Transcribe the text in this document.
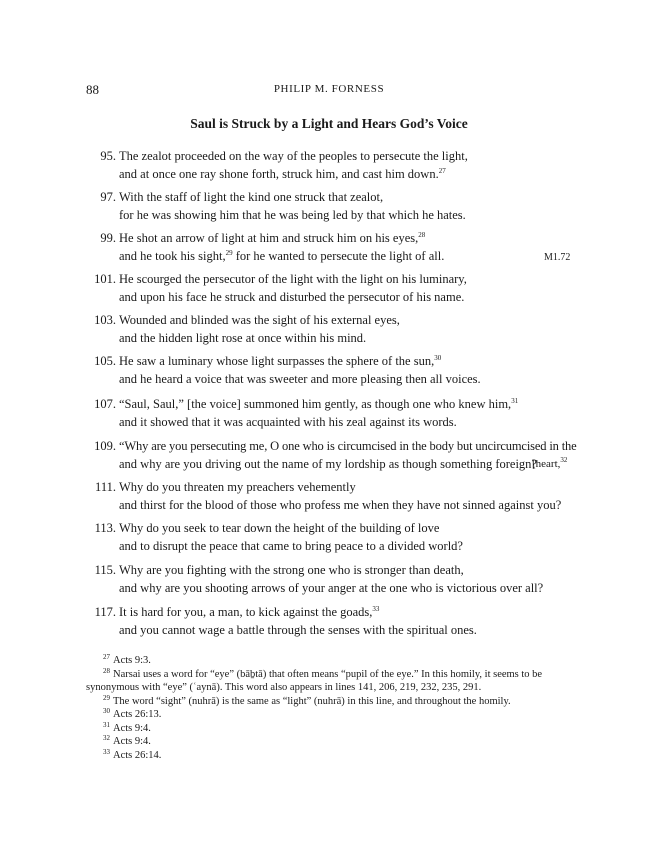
88	PHILIP M. FORNESS
Saul is Struck by a Light and Hears God’s Voice
95. The zealot proceeded on the way of the peoples to persecute the light,
and at once one ray shone forth, struck him, and cast him down.$^{27}$
97. With the staff of light the kind one struck that zealot,
for he was showing him that he was being led by that which he hates.
99. He shot an arrow of light at him and struck him on his eyes,$^{28}$
and he took his sight,$^{29}$ for he wanted to persecute the light of all.	M1.72
101. He scourged the persecutor of the light with the light on his luminary,
and upon his face he struck and disturbed the persecutor of his name.
103. Wounded and blinded was the sight of his external eyes,
and the hidden light rose at once within his mind.
105. He saw a luminary whose light surpasses the sphere of the sun,$^{30}$
and he heard a voice that was sweeter and more pleasing then all voices.
107. “Saul, Saul,” [the voice] summoned him gently, as though one who knew him,$^{31}$
and it showed that it was acquainted with his zeal against its words.
109. “Why are you persecuting me, O one who is circumcised in the body but uncircumcised in the
and why are you driving out the name of my lordship as though something foreign?
[heart,$^{32}$
111. Why do you threaten my preachers vehemently
and thirst for the blood of those who profess me when they have not sinned against you?
113. Why do you seek to tear down the height of the building of love
and to disrupt the peace that came to bring peace to a divided world?
115. Why are you fighting with the strong one who is stronger than death,
and why are you shooting arrows of your anger at the one who is victorious over all?
117. It is hard for you, a man, to kick against the goads,$^{33}$
and you cannot wage a battle through the senses with the spiritual ones.
$^{27}$ Acts 9:3.
$^{28}$ Narsai uses a word for “eye” (bāḇtā) that often means “pupil of the eye.” In this homily, it seems to be
synonymous with “eye” (ʿaynā). This word also appears in lines 141, 206, 219, 232, 235, 291.
$^{29}$ The word “sight” (nuhrā) is the same as “light” (nuhrā) in this line, and throughout the homily.
$^{30}$ Acts 26:13.
$^{31}$ Acts 9:4.
$^{32}$ Acts 9:4.
$^{33}$ Acts 26:14.
